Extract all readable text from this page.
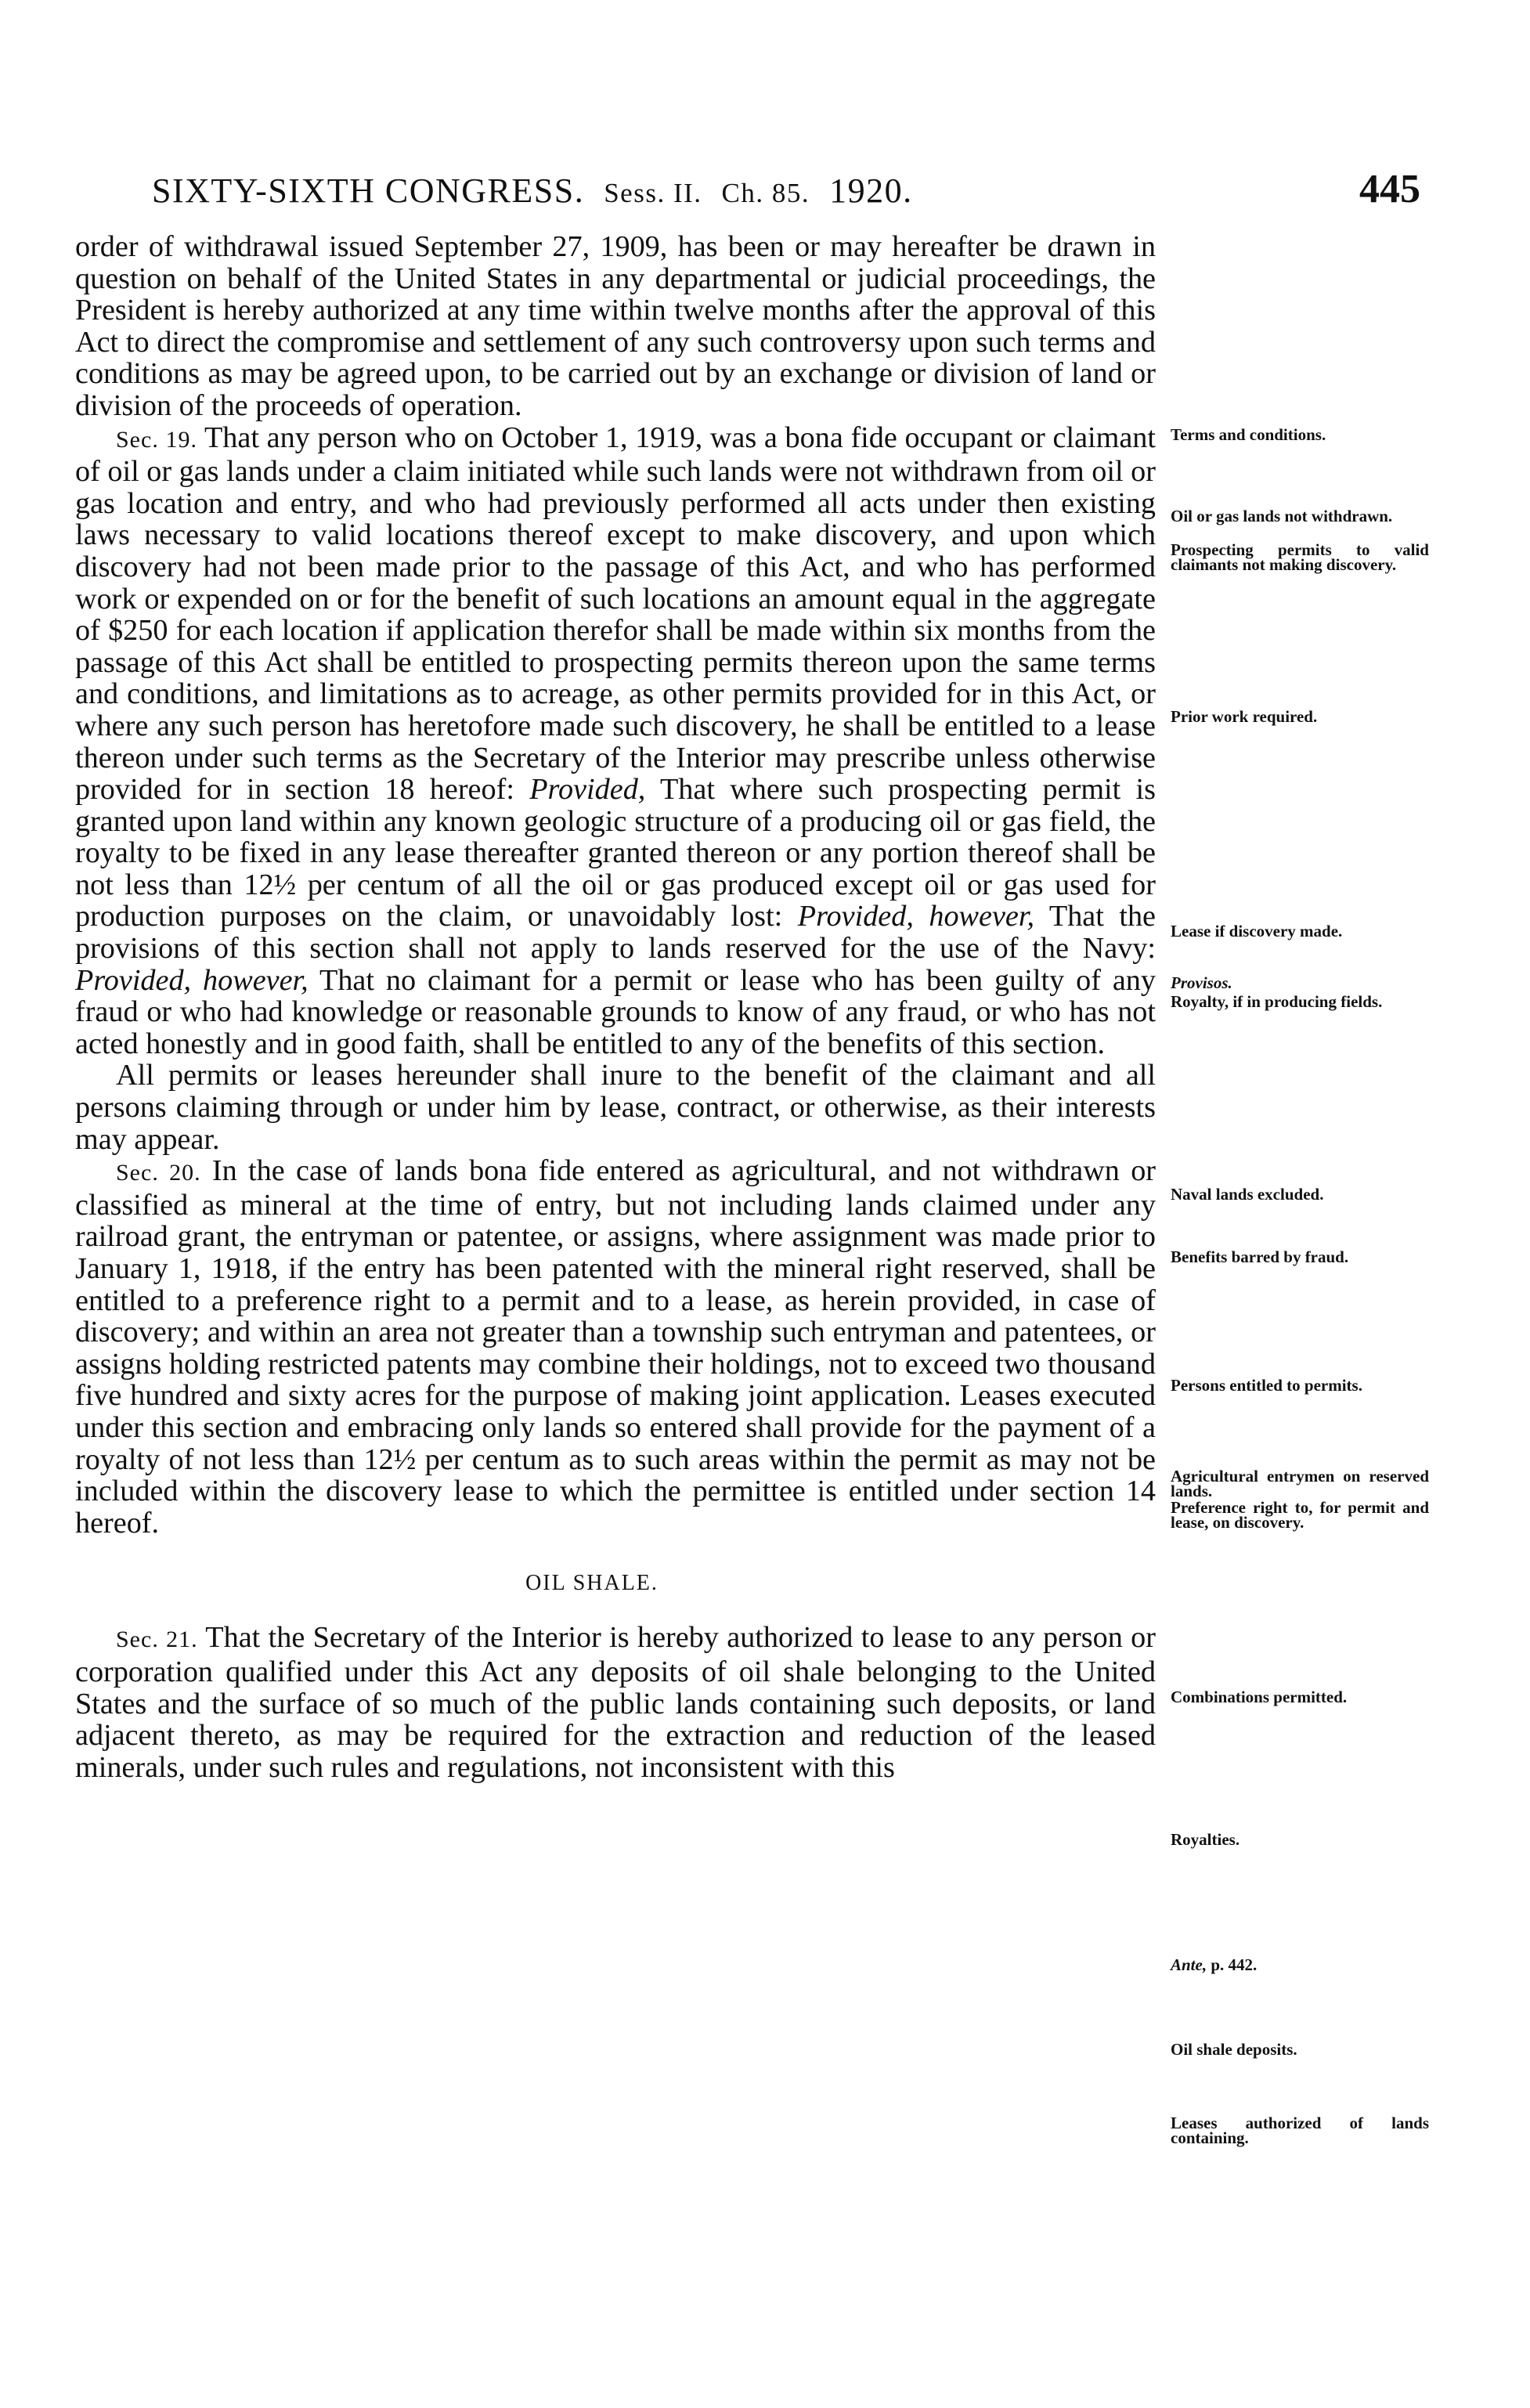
SIXTY-SIXTH CONGRESS. Sess. II. Ch. 85. 1920.	445

order of withdrawal issued September 27, 1909, has been or may hereafter be drawn in question on behalf of the United States in any departmental or judicial proceedings, the President is hereby authorized at any time within twelve months after the approval of this Act to direct the compromise and settlement of any such controversy upon such terms and conditions as may be agreed upon, to be carried out by an exchange or division of land or division of the proceeds of operation.

Sec. 19. That any person who on October 1, 1919, was a bona fide occupant or claimant of oil or gas lands under a claim initiated while such lands were not withdrawn from oil or gas location and entry, and who had previously performed all acts under then existing laws necessary to valid locations thereof except to make discovery, and upon which discovery had not been made prior to the passage of this Act, and who has performed work or expended on or for the benefit of such locations an amount equal in the aggregate of $250 for each location if application therefor shall be made within six months from the passage of this Act shall be entitled to prospecting permits thereon upon the same terms and conditions, and limitations as to acreage, as other permits provided for in this Act, or where any such person has heretofore made such discovery, he shall be entitled to a lease thereon under such terms as the Secretary of the Interior may prescribe unless otherwise provided for in section 18 hereof: Provided, That where such prospecting permit is granted upon land within any known geologic structure of a producing oil or gas field, the royalty to be fixed in any lease thereafter granted thereon or any portion thereof shall be not less than 12½ per centum of all the oil or gas produced except oil or gas used for production purposes on the claim, or unavoidably lost: Provided, however, That the provisions of this section shall not apply to lands reserved for the use of the Navy: Provided, however, That no claimant for a permit or lease who has been guilty of any fraud or who had knowledge or reasonable grounds to know of any fraud, or who has not acted honestly and in good faith, shall be entitled to any of the benefits of this section.

All permits or leases hereunder shall inure to the benefit of the claimant and all persons claiming through or under him by lease, contract, or otherwise, as their interests may appear.

Sec. 20. In the case of lands bona fide entered as agricultural, and not withdrawn or classified as mineral at the time of entry, but not including lands claimed under any railroad grant, the entryman or patentee, or assigns, where assignment was made prior to January 1, 1918, if the entry has been patented with the mineral right reserved, shall be entitled to a preference right to a permit and to a lease, as herein provided, in case of discovery; and within an area not greater than a township such entryman and patentees, or assigns holding restricted patents may combine their holdings, not to exceed two thousand five hundred and sixty acres for the purpose of making joint application. Leases executed under this section and embracing only lands so entered shall provide for the payment of a royalty of not less than 12½ per centum as to such areas within the permit as may not be included within the discovery lease to which the permittee is entitled under section 14 hereof.

OIL SHALE.

Sec. 21. That the Secretary of the Interior is hereby authorized to lease to any person or corporation qualified under this Act any deposits of oil shale belonging to the United States and the surface of so much of the public lands containing such deposits, or land adjacent thereto, as may be required for the extraction and reduction of the leased minerals, under such rules and regulations, not inconsistent with this

Terms and conditions.
Oil or gas lands not withdrawn.
Prospecting permits to valid claimants not making discovery.
Prior work required.
Lease if discovery made.
Provisos.
Royalty, if in producing fields.
Naval lands excluded.
Benefits barred by fraud.
Persons entitled to permits.
Agricultural entrymen on reserved lands.
Preference right to, for permit and lease, on discovery.
Combinations permitted.
Royalties.
Ante, p. 442.
Oil shale deposits.
Leases authorized of lands containing.
